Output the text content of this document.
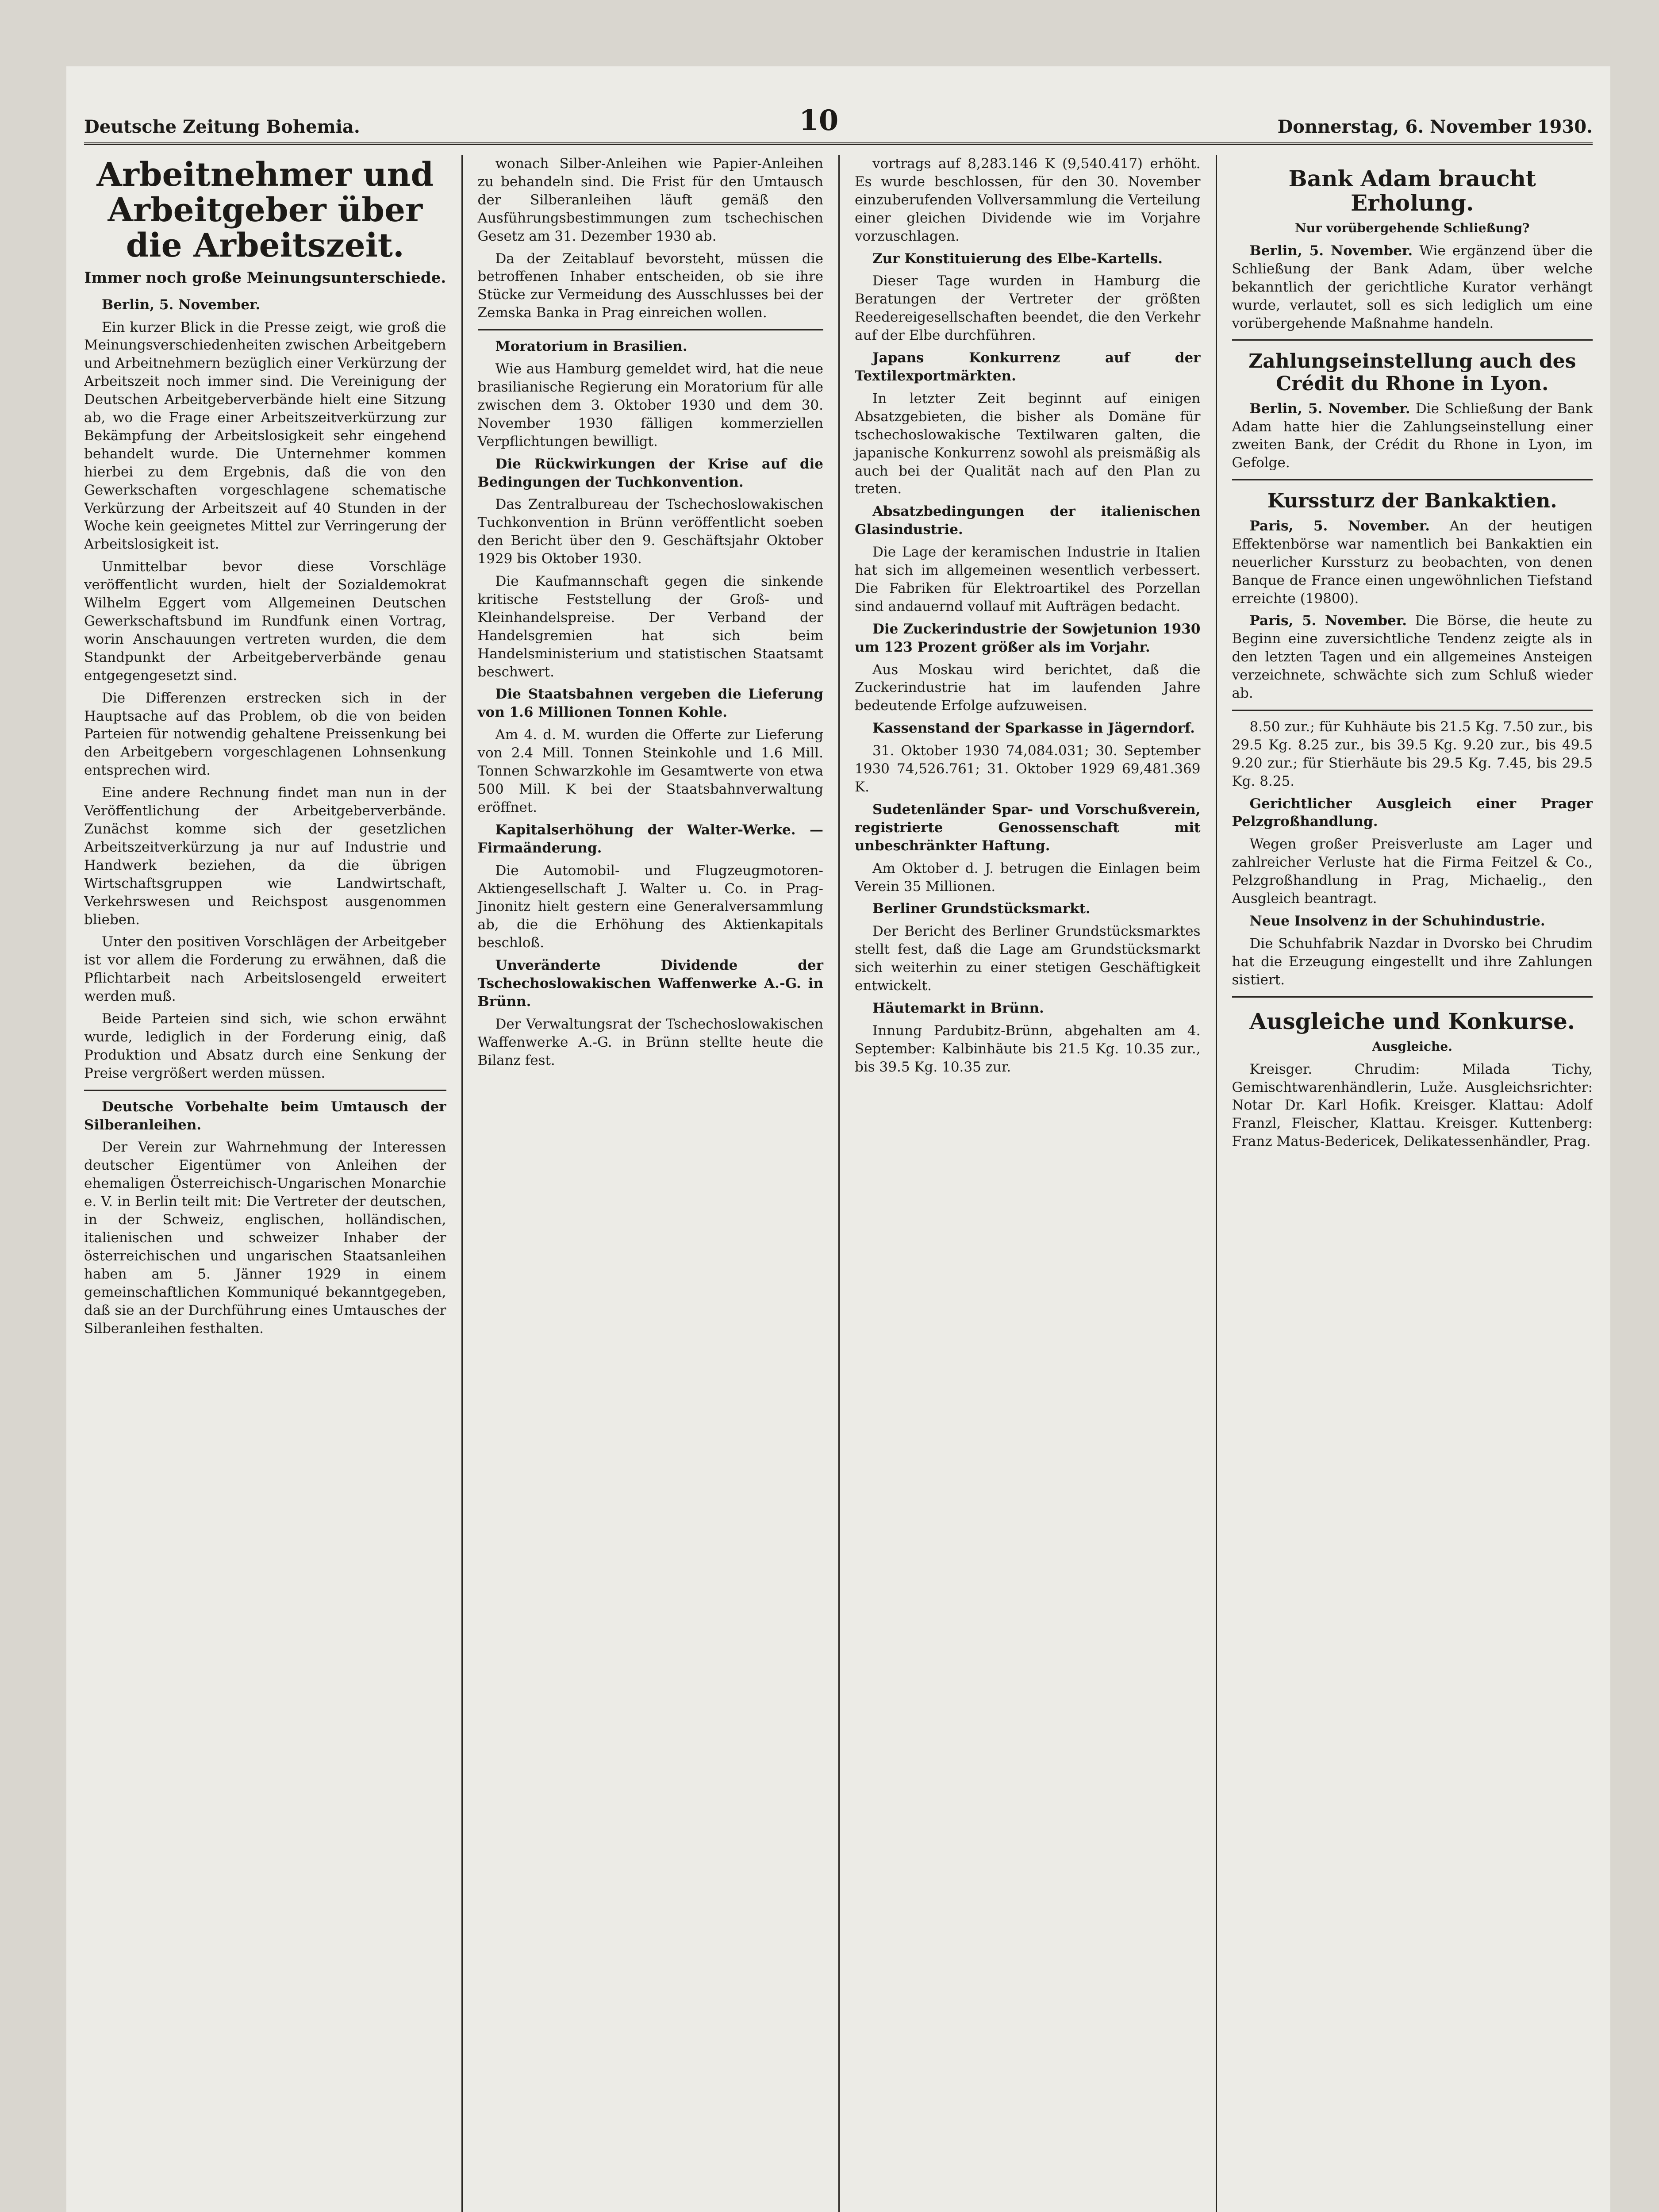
Deutsche Zeitung Bohemia.	10	Donnerstag, 6. November 1930.
Arbeitnehmer und Arbeitgeber über die Arbeitszeit.
Immer noch große Meinungsunterschiede.

Berlin, 5. November.

Ein kurzer Blick in die Presse zeigt, wie groß die Meinungsverschiedenheiten zwischen Arbeitgebern und Arbeitnehmern bezüglich einer Verkürzung der Arbeitszeit noch immer sind. Die Vereinigung der Deutschen Arbeitgeberverbände hielt eine Sitzung ab, wo die Frage einer Arbeitszeitverkürzung zur Bekämpfung der Arbeitslosigkeit sehr eingehend behandelt wurde. Die Unternehmer kommen hierbei zu dem Ergebnis, daß die von den Gewerkschaften vorgeschlagene schematische Verkürzung der Arbeitszeit auf 40 Stunden in der Woche kein geeignetes Mittel zur Verringerung der Arbeitslosigkeit ist.

Unmittelbar bevor diese Vorschläge veröffentlicht wurden, hielt der Sozialdemokrat Wilhelm Eggert vom Allgemeinen Deutschen Gewerkschaftsbund im Rundfunk einen Vortrag, worin Anschauungen vertreten wurden, die dem Standpunkt der Arbeitgeberverbände genau entgegengesetzt sind.

Die Differenzen erstrecken sich in der Hauptsache auf das Problem, ob die von beiden Parteien für notwendig gehaltene Preissenkung bei den Arbeitgebern vorgeschlagenen Lohnsenkung entsprechen wird.

Eine andere Rechnung findet man nun in der Veröffentlichung der Arbeitgeberverbände. Zunächst komme sich der gesetzlichen Arbeitszeitverkürzung ja nur auf Industrie und Handwerk beziehen, da die übrigen Wirtschaftsgruppen wie Landwirtschaft, Verkehrswesen und Reichspost ausgenommen blieben.

Unter den positiven Vorschlägen der Arbeitgeber ist vor allem die Forderung zu erwähnen, daß die Pflichtarbeit nach Arbeitslosengeld erweitert werden muß.

Beide Parteien sind sich, wie schon erwähnt wurde, lediglich in der Forderung einig, daß Produktion und Absatz durch eine Senkung der Preise vergrößert werden müssen.

Deutsche Vorbehalte beim Umtausch der Silberanleihen.

Der Verein zur Wahrnehmung der Interessen deutscher Eigentümer von Anleihen der ehemaligen Österreichisch-Ungarischen Monarchie e. V. in Berlin teilt mit: Die Vertreter der deutschen, in der Schweiz, englischen, holländischen, italienischen und schweizer Inhaber der österreichischen und ungarischen Staatsanleihen haben am 5. Jänner 1929 in einem gemeinschaftlichen Kommuniqué bekanntgegeben, daß sie an der Durchführung eines Umtausches der Silberanleihen festhalten.

wonach Silber-Anleihen wie Papier-Anleihen zu behandeln sind. Die Frist für den Umtausch der Silberanleihen läuft gemäß den Ausführungsbestimmungen zum tschechischen Gesetz am 31. Dezember 1930 ab.

Da der Zeitablauf bevorsteht, müssen die betroffenen Inhaber entscheiden, ob sie ihre Stücke zur Vermeidung des Ausschlusses bei der Zemska Banka in Prag einreichen wollen.

Moratorium in Brasilien.

Wie aus Hamburg gemeldet wird, hat die neue brasilianische Regierung ein Moratorium für alle zwischen dem 3. Oktober 1930 und dem 30. November 1930 fälligen kommerziellen Verpflichtungen bewilligt.

Die Rückwirkungen der Krise auf die Bedingungen der Tuchkonvention.

Das Zentralbureau der Tschechoslowakischen Tuchkonvention in Brünn veröffentlicht soeben den Bericht über den 9. Geschäftsjahr Oktober 1929 bis Oktober 1930.

Die Kaufmannschaft gegen die sinkende kritische Feststellung der Groß- und Kleinhandelspreise. Der Verband der Handelsgremien hat sich beim Handelsministerium und statistischen Staatsamt beschwert.

Die Staatsbahnen vergeben die Lieferung von 1.6 Millionen Tonnen Kohle.

Am 4. d. M. wurden die Offerte zur Lieferung von 2.4 Mill. Tonnen Steinkohle und 1.6 Mill. Tonnen Schwarzkohle im Gesamtwerte von etwa 500 Mill. K bei der Staatsbahnverwaltung eröffnet.

Kapitalserhöhung der Walter-Werke. — Firmaänderung.

Die Automobil- und Flugzeugmotoren-Aktiengesellschaft J. Walter u. Co. in Prag-Jinonitz hielt gestern eine Generalversammlung ab, die die Erhöhung des Aktienkapitals beschloß.

Unveränderte Dividende der Tschechoslowakischen Waffenwerke A.-G. in Brünn.

Der Verwaltungsrat der Tschechoslowakischen Waffenwerke A.-G. in Brünn stellte heute die Bilanz fest.

vortrags auf 8,283.146 K (9,540.417) erhöht. Es wurde beschlossen, für den 30. November einzuberufenden Vollversammlung die Verteilung einer gleichen Dividende wie im Vorjahre vorzuschlagen.

Zur Konstituierung des Elbe-Kartells.

Dieser Tage wurden in Hamburg die Beratungen der Vertreter der größten Reedereigesellschaften beendet, die den Verkehr auf der Elbe durchführen.

Japans Konkurrenz auf der Textilexportmärkten.

In letzter Zeit beginnt auf einigen Absatzgebieten, die bisher als Domäne für tschechoslowakische Textilwaren galten, die japanische Konkurrenz sowohl als preismäßig als auch bei der Qualität nach auf den Plan zu treten.

Absatzbedingungen der italienischen Glasindustrie.

Die Lage der keramischen Industrie in Italien hat sich im allgemeinen wesentlich verbessert. Die Fabriken für Elektroartikel des Porzellan sind andauernd vollauf mit Aufträgen bedacht.

Die Zuckerindustrie der Sowjetunion 1930 um 123 Prozent größer als im Vorjahr.

Aus Moskau wird berichtet, daß die Zuckerindustrie hat im laufenden Jahre bedeutende Erfolge aufzuweisen.

Kassenstand der Sparkasse in Jägerndorf.

31. Oktober 1930 74,084.031; 30. September 1930 74,526.761; 31. Oktober 1929 69,481.369 K.

Sudetenländer Spar- und Vorschußverein, registrierte Genossenschaft mit unbeschränkter Haftung.

Am Oktober d. J. betrugen die Einlagen beim Verein 35 Millionen.

Berliner Grundstücksmarkt.

Der Bericht des Berliner Grundstücksmarktes stellt fest, daß die Lage am Grundstücksmarkt sich weiterhin zu einer stetigen Geschäftigkeit entwickelt.

Häutemarkt in Brünn.

Innung Pardubitz-Brünn, abgehalten am 4. September: Kalbinhäute bis 21.5 Kg. 10.35 zur., bis 39.5 Kg. 10.35 zur.

Bank Adam braucht Erholung.
Nur vorübergehende Schließung?

Berlin, 5. November. Wie ergänzend über die Schließung der Bank Adam, über welche bekanntlich der gerichtliche Kurator verhängt wurde, verlautet, soll es sich lediglich um eine vorübergehende Maßnahme handeln.

Zahlungseinstellung auch des Crédit du Rhone in Lyon.

Berlin, 5. November. Die Schließung der Bank Adam hatte hier die Zahlungseinstellung einer zweiten Bank, der Crédit du Rhone in Lyon, im Gefolge.

Kurssturz der Bankaktien.

Paris, 5. November. An der heutigen Effektenbörse war namentlich bei Bankaktien ein neuerlicher Kurssturz zu beobachten, von denen Banque de France einen ungewöhnlichen Tiefstand erreichte (19800).

Paris, 5. November. Die Börse, die heute zu Beginn eine zuversichtliche Tendenz zeigte als in den letzten Tagen und ein allgemeines Ansteigen verzeichnete, schwächte sich zum Schluß wieder ab.

8.50 zur.; für Kuhhäute bis 21.5 Kg. 7.50 zur., bis 29.5 Kg. 8.25 zur., bis 39.5 Kg. 9.20 zur., bis 49.5 9.20 zur.; für Stierhäute bis 29.5 Kg. 7.45, bis 29.5 Kg. 8.25.

Gerichtlicher Ausgleich einer Prager Pelzgroßhandlung.

Wegen großer Preisverluste am Lager und zahlreicher Verluste hat die Firma Feitzel & Co., Pelzgroßhandlung in Prag, Michaelig., den Ausgleich beantragt.

Neue Insolvenz in der Schuhindustrie.

Die Schuhfabrik Nazdar in Dvorsko bei Chrudim hat die Erzeugung eingestellt und ihre Zahlungen sistiert.

Ausgleiche und Konkurse.
Ausgleiche.

Kreisger. Chrudim: Milada Tichy, Gemischtwarenhändlerin, Luže. Ausgleichsrichter: Notar Dr. Karl Hofik. Kreisger. Klattau: Adolf Franzl, Fleischer, Klattau. Kreisger. Kuttenberg: Franz Matus-Bedericek, Delikatessenhändler, Prag.
